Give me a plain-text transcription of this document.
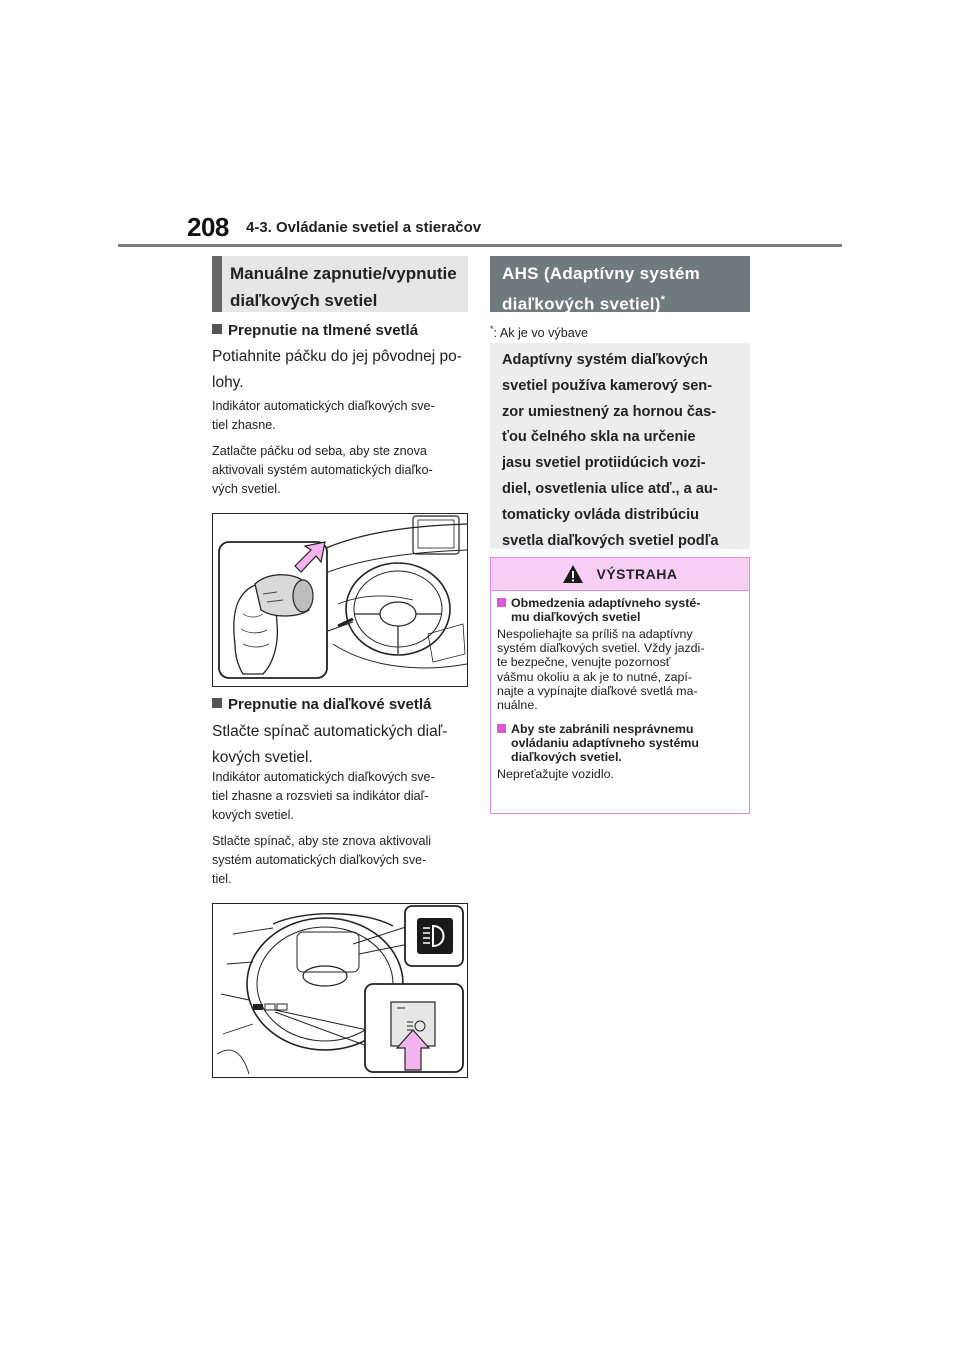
208 4-3. Ovládanie svetiel a stieračov
Manuálne zapnutie/vypnutie
diaľkových svetiel
Prepnutie na tlmené svetlá
Potiahnite páčku do jej pôvodnej po-
lohy.
Indikátor automatických diaľkových sve-
tiel zhasne.
Zatlačte páčku od seba, aby ste znova
aktivovali systém automatických diaľko-
vých svetiel.
Prepnutie na diaľkové svetlá
Stlačte spínač automatických diaľ-
kových svetiel.
Indikátor automatických diaľkových sve-
tiel zhasne a rozsvieti sa indikátor diaľ-
kových svetiel.
Stlačte spínač, aby ste znova aktivovali
systém automatických diaľkových sve-
tiel.
AHS (Adaptívny systém
diaľkových svetiel)*
*: Ak je vo výbave
Adaptívny systém diaľkových
svetiel používa kamerový sen-
zor umiestnený za hornou čas-
ťou čelného skla na určenie
jasu svetiel protiidúcich vozi-
diel, osvetlenia ulice atď., a au-
tomaticky ovláda distribúciu
svetla diaľkových svetiel podľa
VÝSTRAHA
Obmedzenia adaptívneho systé-
mu diaľkových svetiel
Nespoliehajte sa príliš na adaptívny
systém diaľkových svetiel. Vždy jazdi-
te bezpečne, venujte pozornosť
vášmu okoliu a ak je to nutné, zapí-
najte a vypínajte diaľkové svetlá ma-
nuálne.
Aby ste zabránili nesprávnemu
ovládaniu adaptívneho systému
diaľkových svetiel.
Nepreťažujte vozidlo.
